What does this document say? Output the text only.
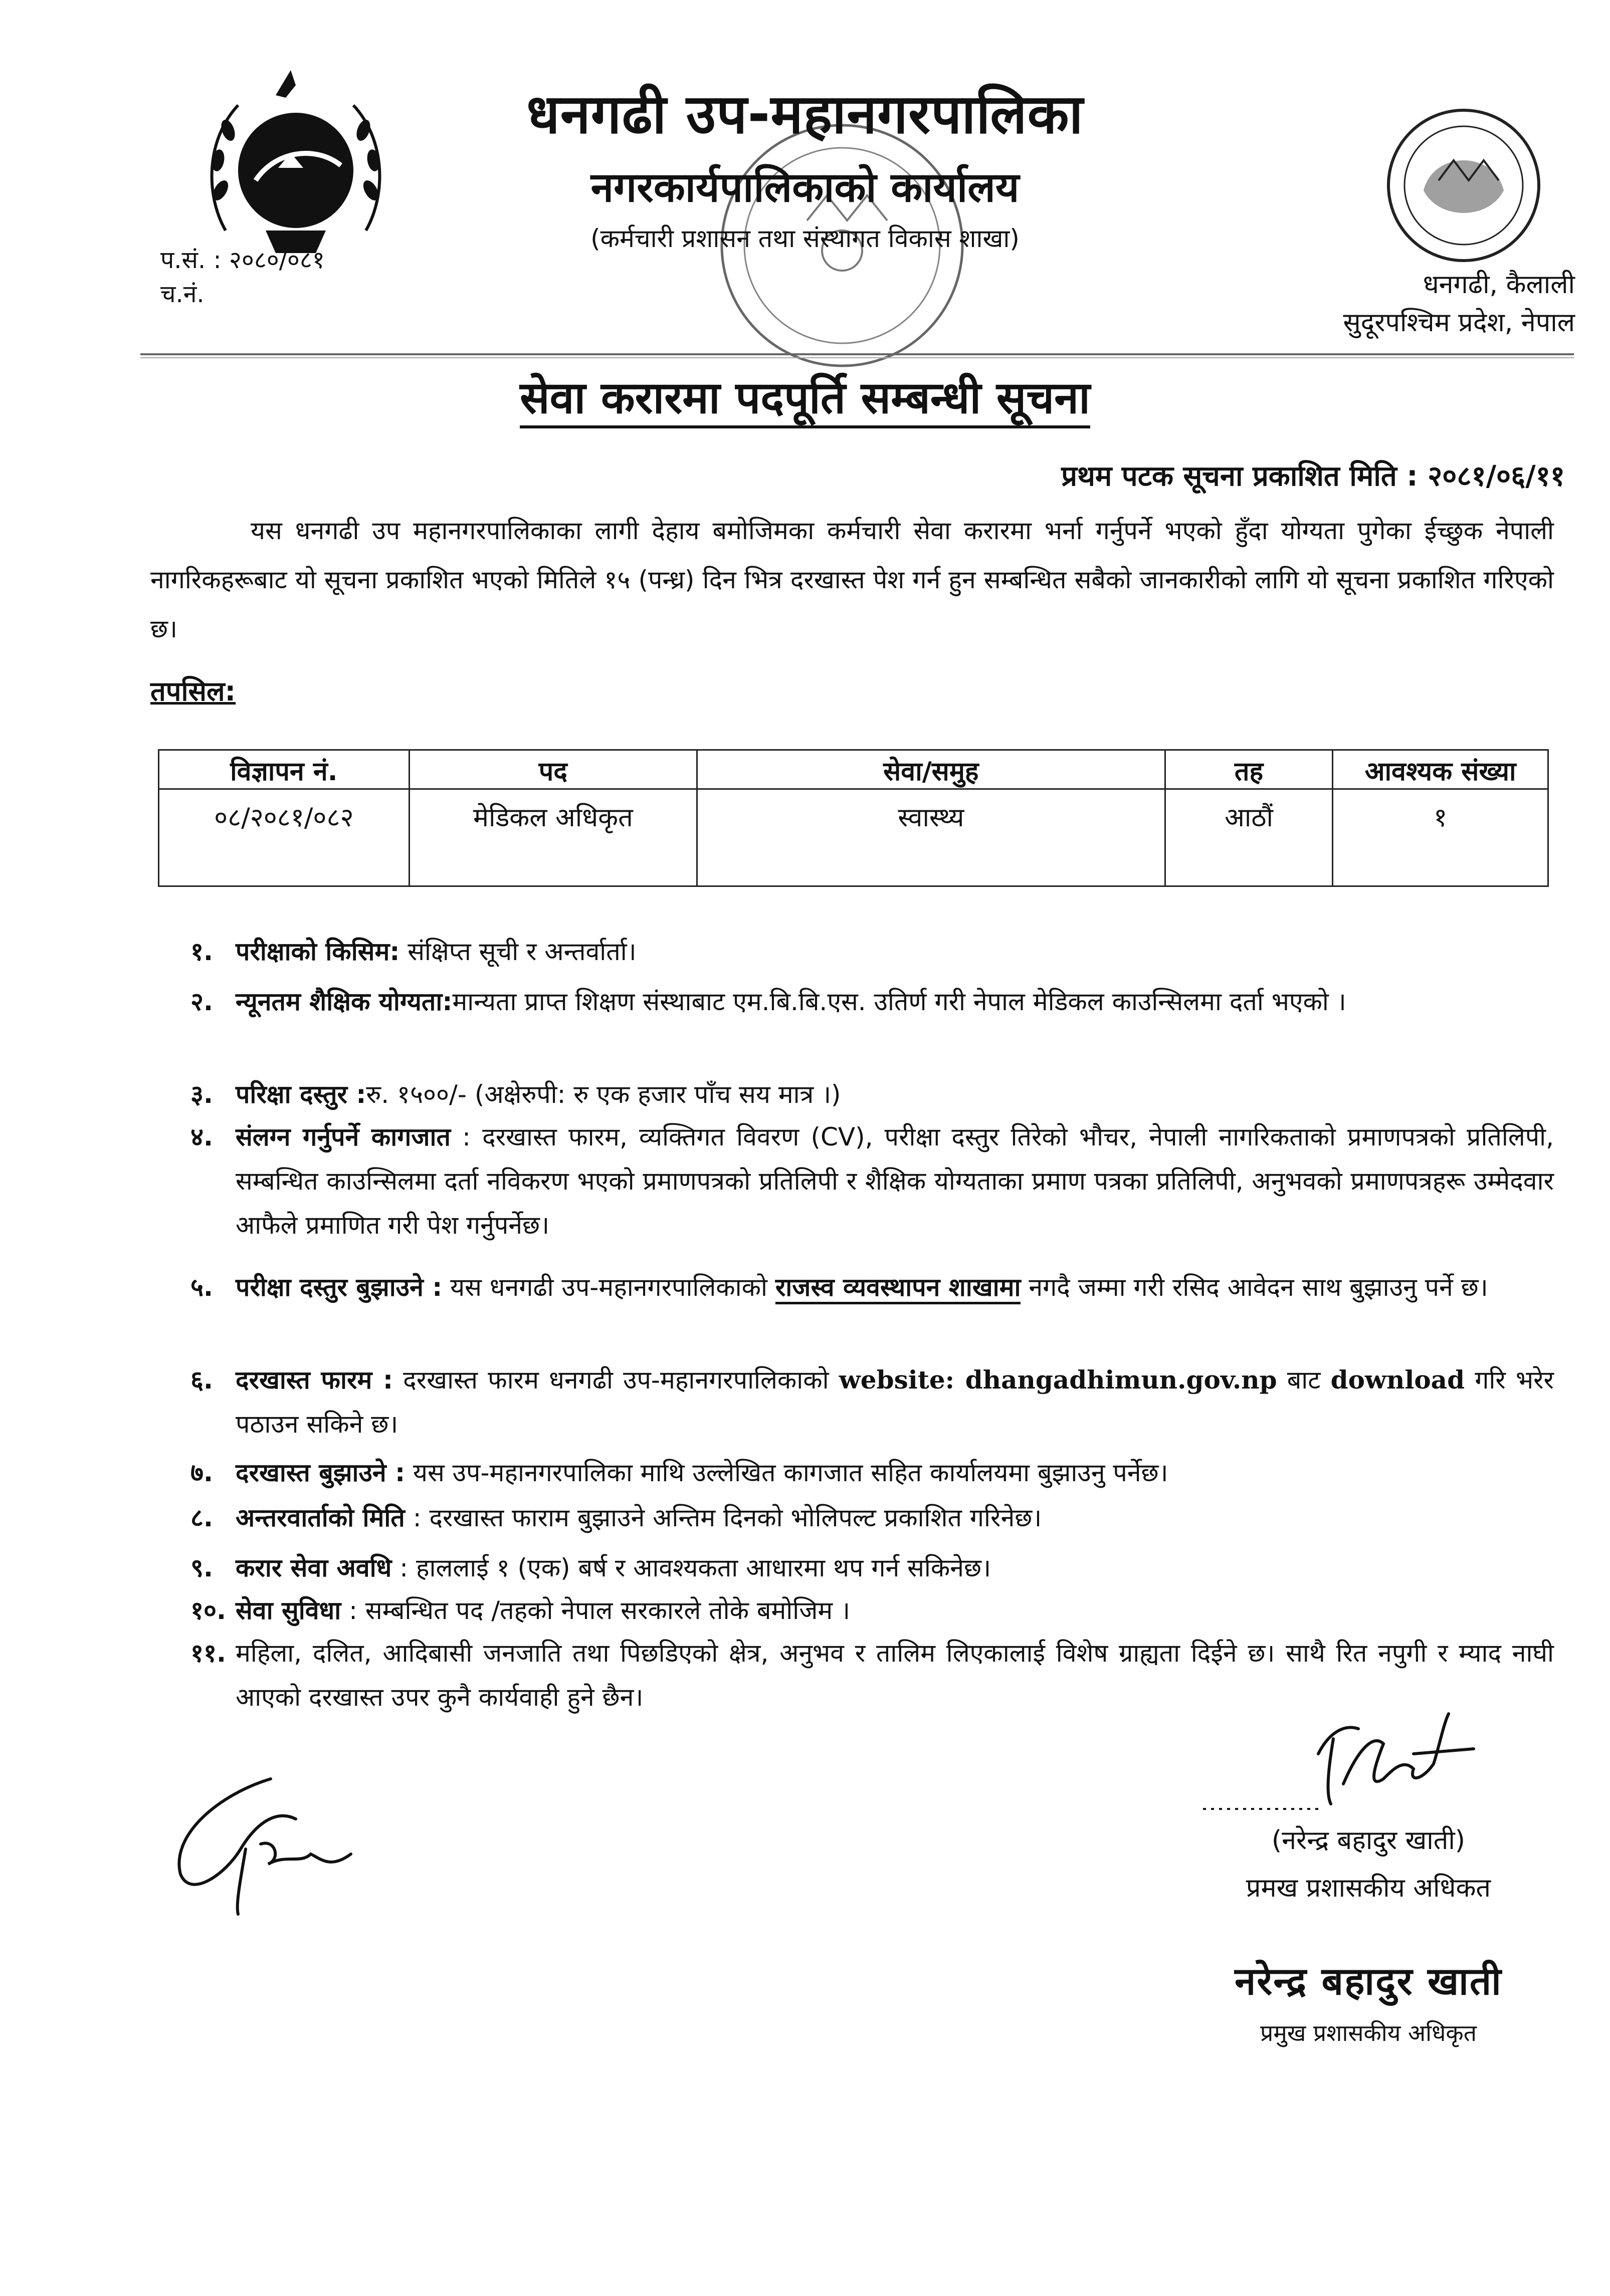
धनगढी उप-महानगरपालिका
नगरकार्यपालिकाको कार्यालय
(कर्मचारी प्रशासन तथा संस्थागत विकास शाखा)
प.सं. : २०८०/०८१
च.नं.	धनगढी, कैलाली
सुदूरपश्चिम प्रदेश, नेपाल
सेवा करारमा पदपूर्ति सम्बन्धी सूचना
प्रथम पटक सूचना प्रकाशित मिति : २०८१/०६/११
यस धनगढी उप महानगरपालिकाका लागी देहाय बमोजिमका कर्मचारी सेवा करारमा भर्ना गर्नुपर्ने भएको हुँदा योग्यता पुगेका ईच्छुक नेपाली नागरिकहरूबाट यो सूचना प्रकाशित भएको मितिले १५ (पन्ध्र) दिन भित्र दरखास्त पेश गर्न हुन सम्बन्धित सबैको जानकारीको लागि यो सूचना प्रकाशित गरिएको छ।
तपसिल:
विज्ञापन नं.	पद	सेवा/समुह	तह	आवश्यक संख्या
०८/२०८१/०८२	मेडिकल अधिकृत	स्वास्थ्य	आठौं	१
१. परीक्षाको किसिम: संक्षिप्त सूची र अन्तर्वार्ता।
२. न्यूनतम शैक्षिक योग्यता:मान्यता प्राप्त शिक्षण संस्थाबाट एम.बि.बि.एस. उतिर्ण गरी नेपाल मेडिकल काउन्सिलमा दर्ता भएको ।
३. परिक्षा दस्तुर :रु. १५००/- (अक्षेरुपी: रु एक हजार पाँच सय मात्र ।)
४. संलग्न गर्नुपर्ने कागजात : दरखास्त फारम, व्यक्तिगत विवरण (CV), परीक्षा दस्तुर तिरेको भौचर, नेपाली नागरिकताको प्रमाणपत्रको प्रतिलिपी, सम्बन्धित काउन्सिलमा दर्ता नविकरण भएको प्रमाणपत्रको प्रतिलिपी र शैक्षिक योग्यताका प्रमाण पत्रका प्रतिलिपी, अनुभवको प्रमाणपत्रहरू उम्मेदवार आफैले प्रमाणित गरी पेश गर्नुपर्नेछ।
५. परीक्षा दस्तुर बुझाउने : यस धनगढी उप-महानगरपालिकाको राजस्व व्यवस्थापन शाखामा नगदै जम्मा गरी रसिद आवेदन साथ बुझाउनु पर्ने छ।
६. दरखास्त फारम : दरखास्त फारम धनगढी उप-महानगरपालिकाको website: dhangadhimun.gov.np बाट download गरि भरेर पठाउन सकिने छ।
७. दरखास्त बुझाउने : यस उप-महानगरपालिका माथि उल्लेखित कागजात सहित कार्यालयमा बुझाउनु पर्नेछ।
८. अन्तरवार्ताको मिति : दरखास्त फाराम बुझाउने अन्तिम दिनको भोलिपल्ट प्रकाशित गरिनेछ।
९. करार सेवा अवधि : हाललाई १ (एक) बर्ष र आवश्यकता आधारमा थप गर्न सकिनेछ।
१०. सेवा सुविधा : सम्बन्धित पद /तहको नेपाल सरकारले तोके बमोजिम ।
११. महिला, दलित, आदिबासी जनजाति तथा पिछडिएको क्षेत्र, अनुभव र तालिम लिएकालाई विशेष ग्राह्यता दिईने छ। साथै रित नपुगी र म्याद नाघी आएको दरखास्त उपर कुनै कार्यवाही हुने छैन।
(नरेन्द्र बहादुर खाती)
प्रमख प्रशासकीय अधिकत
नरेन्द्र बहादुर खाती
प्रमुख प्रशासकीय अधिकृत
